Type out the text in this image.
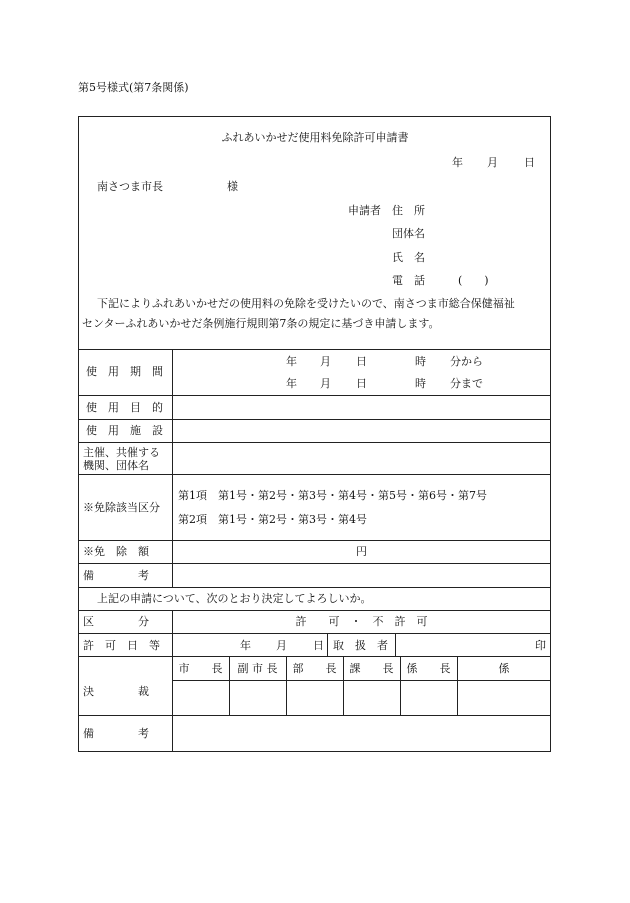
第5号様式(第7条関係)
ふれあいかせだ使用料免除許可申請書
年 月 日
南さつま市長	様
申請者 住　所
団体名
氏　名
電　話	(　　)
下記によりふれあいかせだの使用料の免除を受けたいので、南さつま市総合保健福祉
センターふれあいかせだ条例施行規則第7条の規定に基づき申請します。
使　用　期　間
年 月 日	時 分から
年 月 日	時 分まで
使　用　目　的
使　用　施　設
主催、共催する
機関、団体名
※免除該当区分
第1項　第1号・第2号・第3号・第4号・第5号・第6号・第7号
第2項　第1号・第2号・第3号・第4号
※免　除　額	円
備　　　　考
上記の申請について、次のとおり決定してよろしいか。
区　　　　分	許　　可　・　不　許　可
許　可　日　等	年 月 日 取　扱　者	印
決　　　　裁
市　　長	副 市 長	部　　長	課　　長	係　　長	係
備　　　　考
